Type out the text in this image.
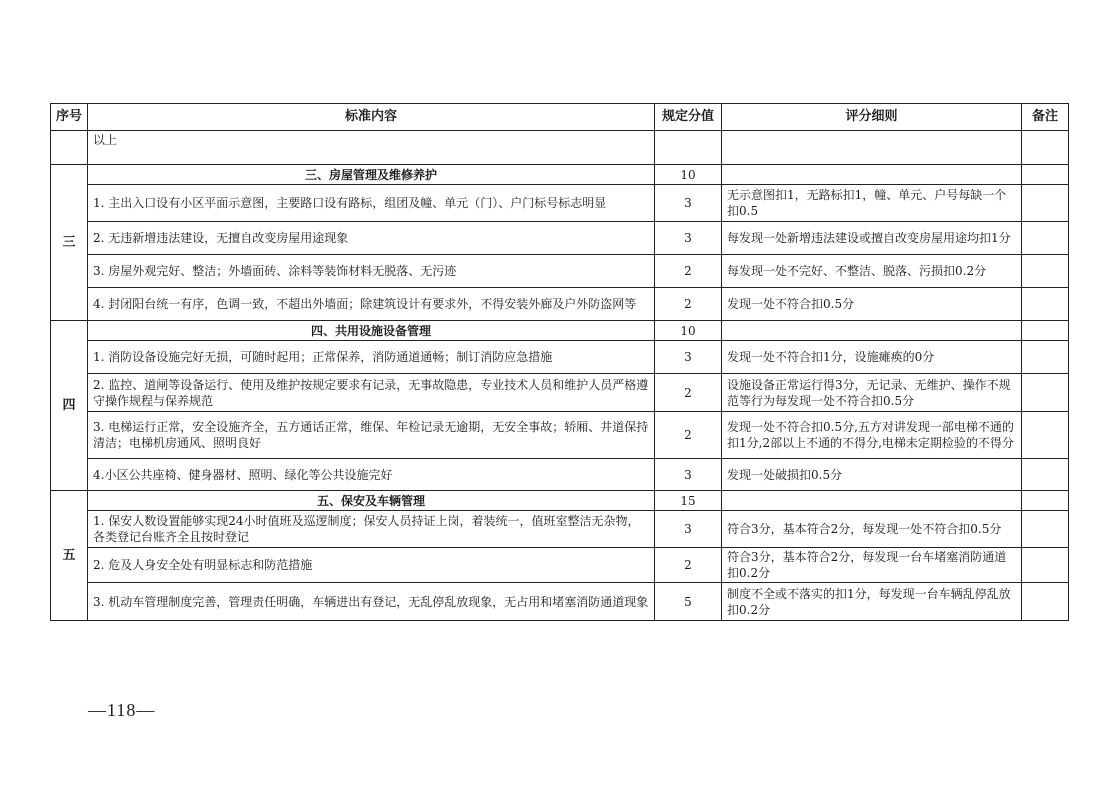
序号	标准内容	规定分值	评分细则	备注
	以上			
三	三、房屋管理及维修养护	10		
	1. 主出入口设有小区平面示意图，主要路口设有路标，组团及幢、单元（门）、户门标号标志明显	3	无示意图扣1，无路标扣1，幢、单元、户号每缺一个扣0.5	
	2. 无违新增违法建设，无擅自改变房屋用途现象	3	每发现一处新增违法建设或擅自改变房屋用途均扣1分	
	3. 房屋外观完好、整洁；外墙面砖、涂料等装饰材料无脱落、无污迹	2	每发现一处不完好、不整洁、脱落、污损扣0.2分	
	4. 封闭阳台统一有序，色调一致，不超出外墙面；除建筑设计有要求外，不得安装外廊及户外防盗网等	2	发现一处不符合扣0.5分	
四	四、共用设施设备管理	10		
	1. 消防设备设施完好无损，可随时起用；正常保养，消防通道通畅；制订消防应急措施	3	发现一处不符合扣1分，设施瘫痪的0分	
	2. 监控、道闸等设备运行、使用及维护按规定要求有记录，无事故隐患，专业技术人员和维护人员严格遵守操作规程与保养规范	2	设施设备正常运行得3分，无记录、无维护、操作不规范等行为每发现一处不符合扣0.5分	
	3. 电梯运行正常，安全设施齐全，五方通话正常，维保、年检记录无逾期，无安全事故；轿厢、井道保持清洁；电梯机房通风、照明良好	2	发现一处不符合扣0.5分,五方对讲发现一部电梯不通的扣1分,2部以上不通的不得分,电梯未定期检验的不得分	
	4.小区公共座椅、健身器材、照明、绿化等公共设施完好	3	发现一处破损扣0.5分	
五	五、保安及车辆管理	15		
	1. 保安人数设置能够实现24小时值班及巡逻制度；保安人员持证上岗，着装统一，值班室整洁无杂物，各类登记台账齐全且按时登记	3	符合3分，基本符合2分，每发现一处不符合扣0.5分	
	2. 危及人身安全处有明显标志和防范措施	2	符合3分，基本符合2分，每发现一台车堵塞消防通道扣0.2分	
	3. 机动车管理制度完善，管理责任明确，车辆进出有登记，无乱停乱放现象，无占用和堵塞消防通道现象	5	制度不全或不落实的扣1分，每发现一台车辆乱停乱放扣0.2分	
—118—
